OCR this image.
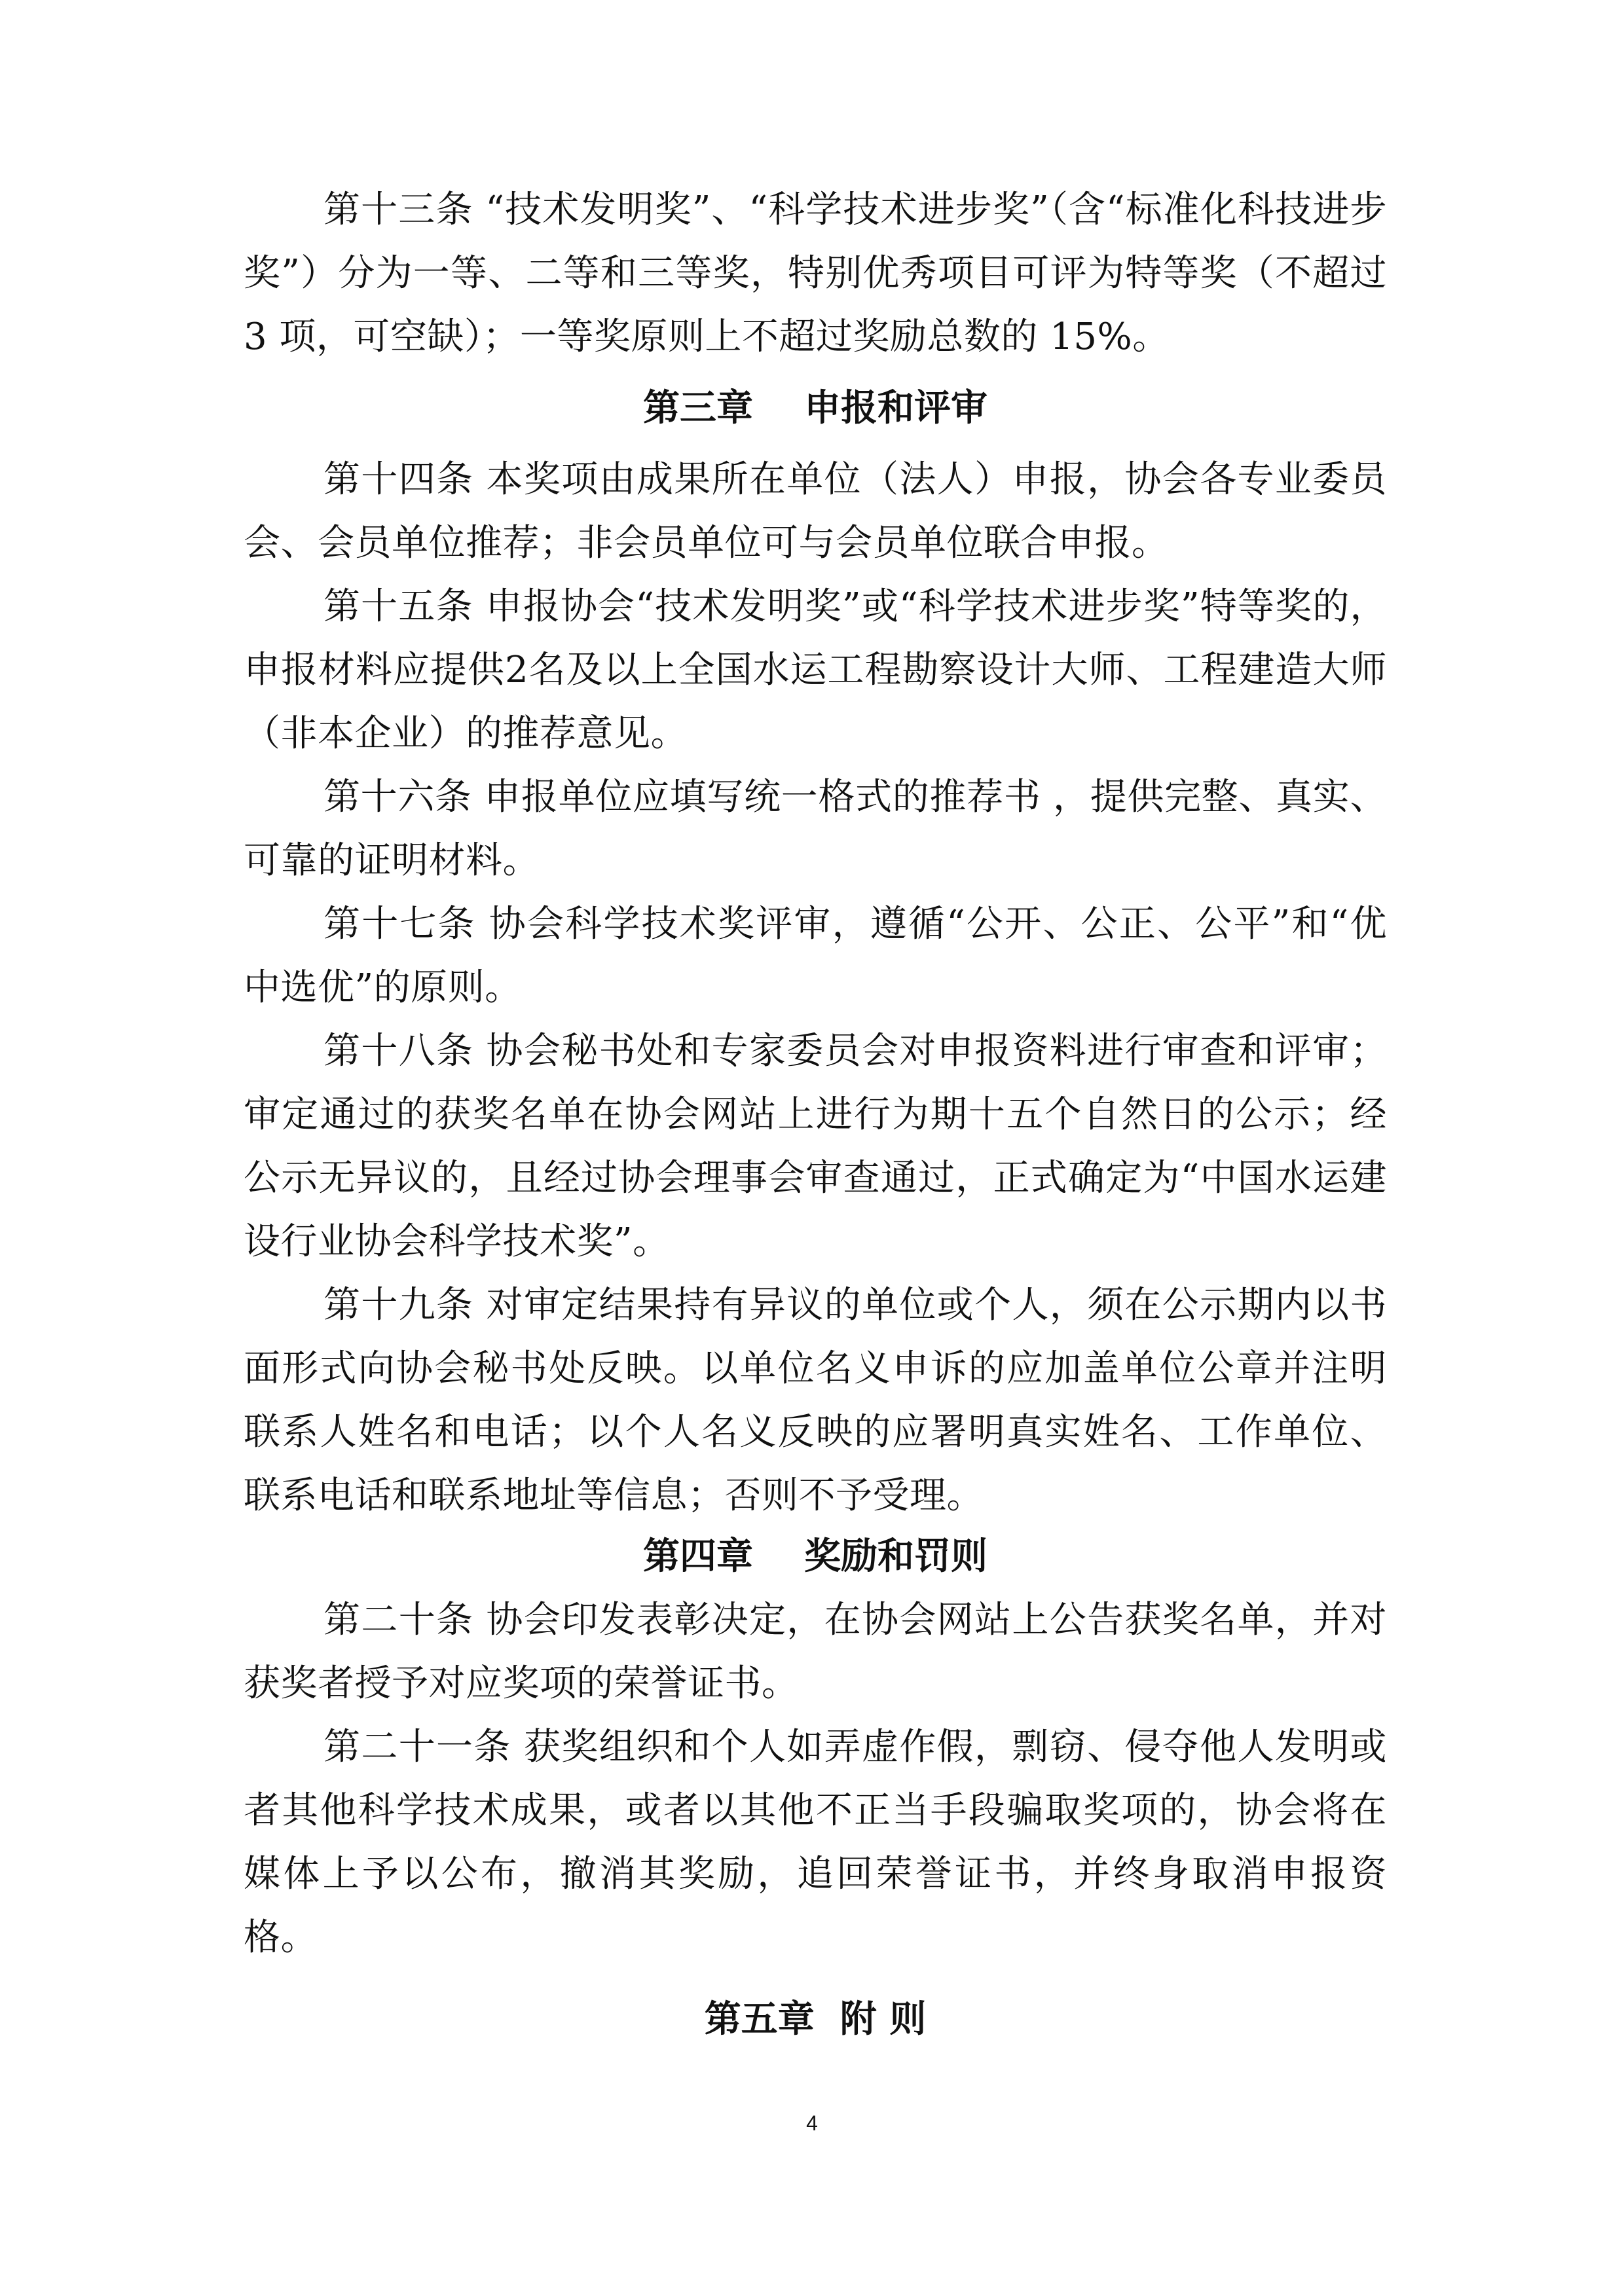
第十三条 “技术发明奖”、“科学技术进步奖”（含“标准化科技进步奖”）分为一等、二等和三等奖，特别优秀项目可评为特等奖（不超过 3 项，可空缺）；一等奖原则上不超过奖励总数的 15%。

第三章    申报和评审

第十四条 本奖项由成果所在单位（法人）申报，协会各专业委员会、会员单位推荐；非会员单位可与会员单位联合申报。

第十五条 申报协会“技术发明奖”或“科学技术进步奖”特等奖的，申报材料应提供2名及以上全国水运工程勘察设计大师、工程建造大师（非本企业）的推荐意见。

第十六条 申报单位应填写统一格式的推荐书 ，提供完整、真实、可靠的证明材料。

第十七条 协会科学技术奖评审，遵循“公开、公正、公平”和“优中选优”的原则。

第十八条 协会秘书处和专家委员会对申报资料进行审查和评审；审定通过的获奖名单在协会网站上进行为期十五个自然日的公示；经公示无异议的，且经过协会理事会审查通过，正式确定为“中国水运建设行业协会科学技术奖”。

第十九条 对审定结果持有异议的单位或个人，须在公示期内以书面形式向协会秘书处反映。以单位名义申诉的应加盖单位公章并注明联系人姓名和电话；以个人名义反映的应署明真实姓名、工作单位、联系电话和联系地址等信息；否则不予受理。

第四章    奖励和罚则

第二十条 协会印发表彰决定，在协会网站上公告获奖名单，并对获奖者授予对应奖项的荣誉证书。

第二十一条 获奖组织和个人如弄虚作假，剽窃、侵夺他人发明或者其他科学技术成果，或者以其他不正当手段骗取奖项的，协会将在媒体上予以公布，撤消其奖励，追回荣誉证书，并终身取消申报资格。

第五章  附 则
4
